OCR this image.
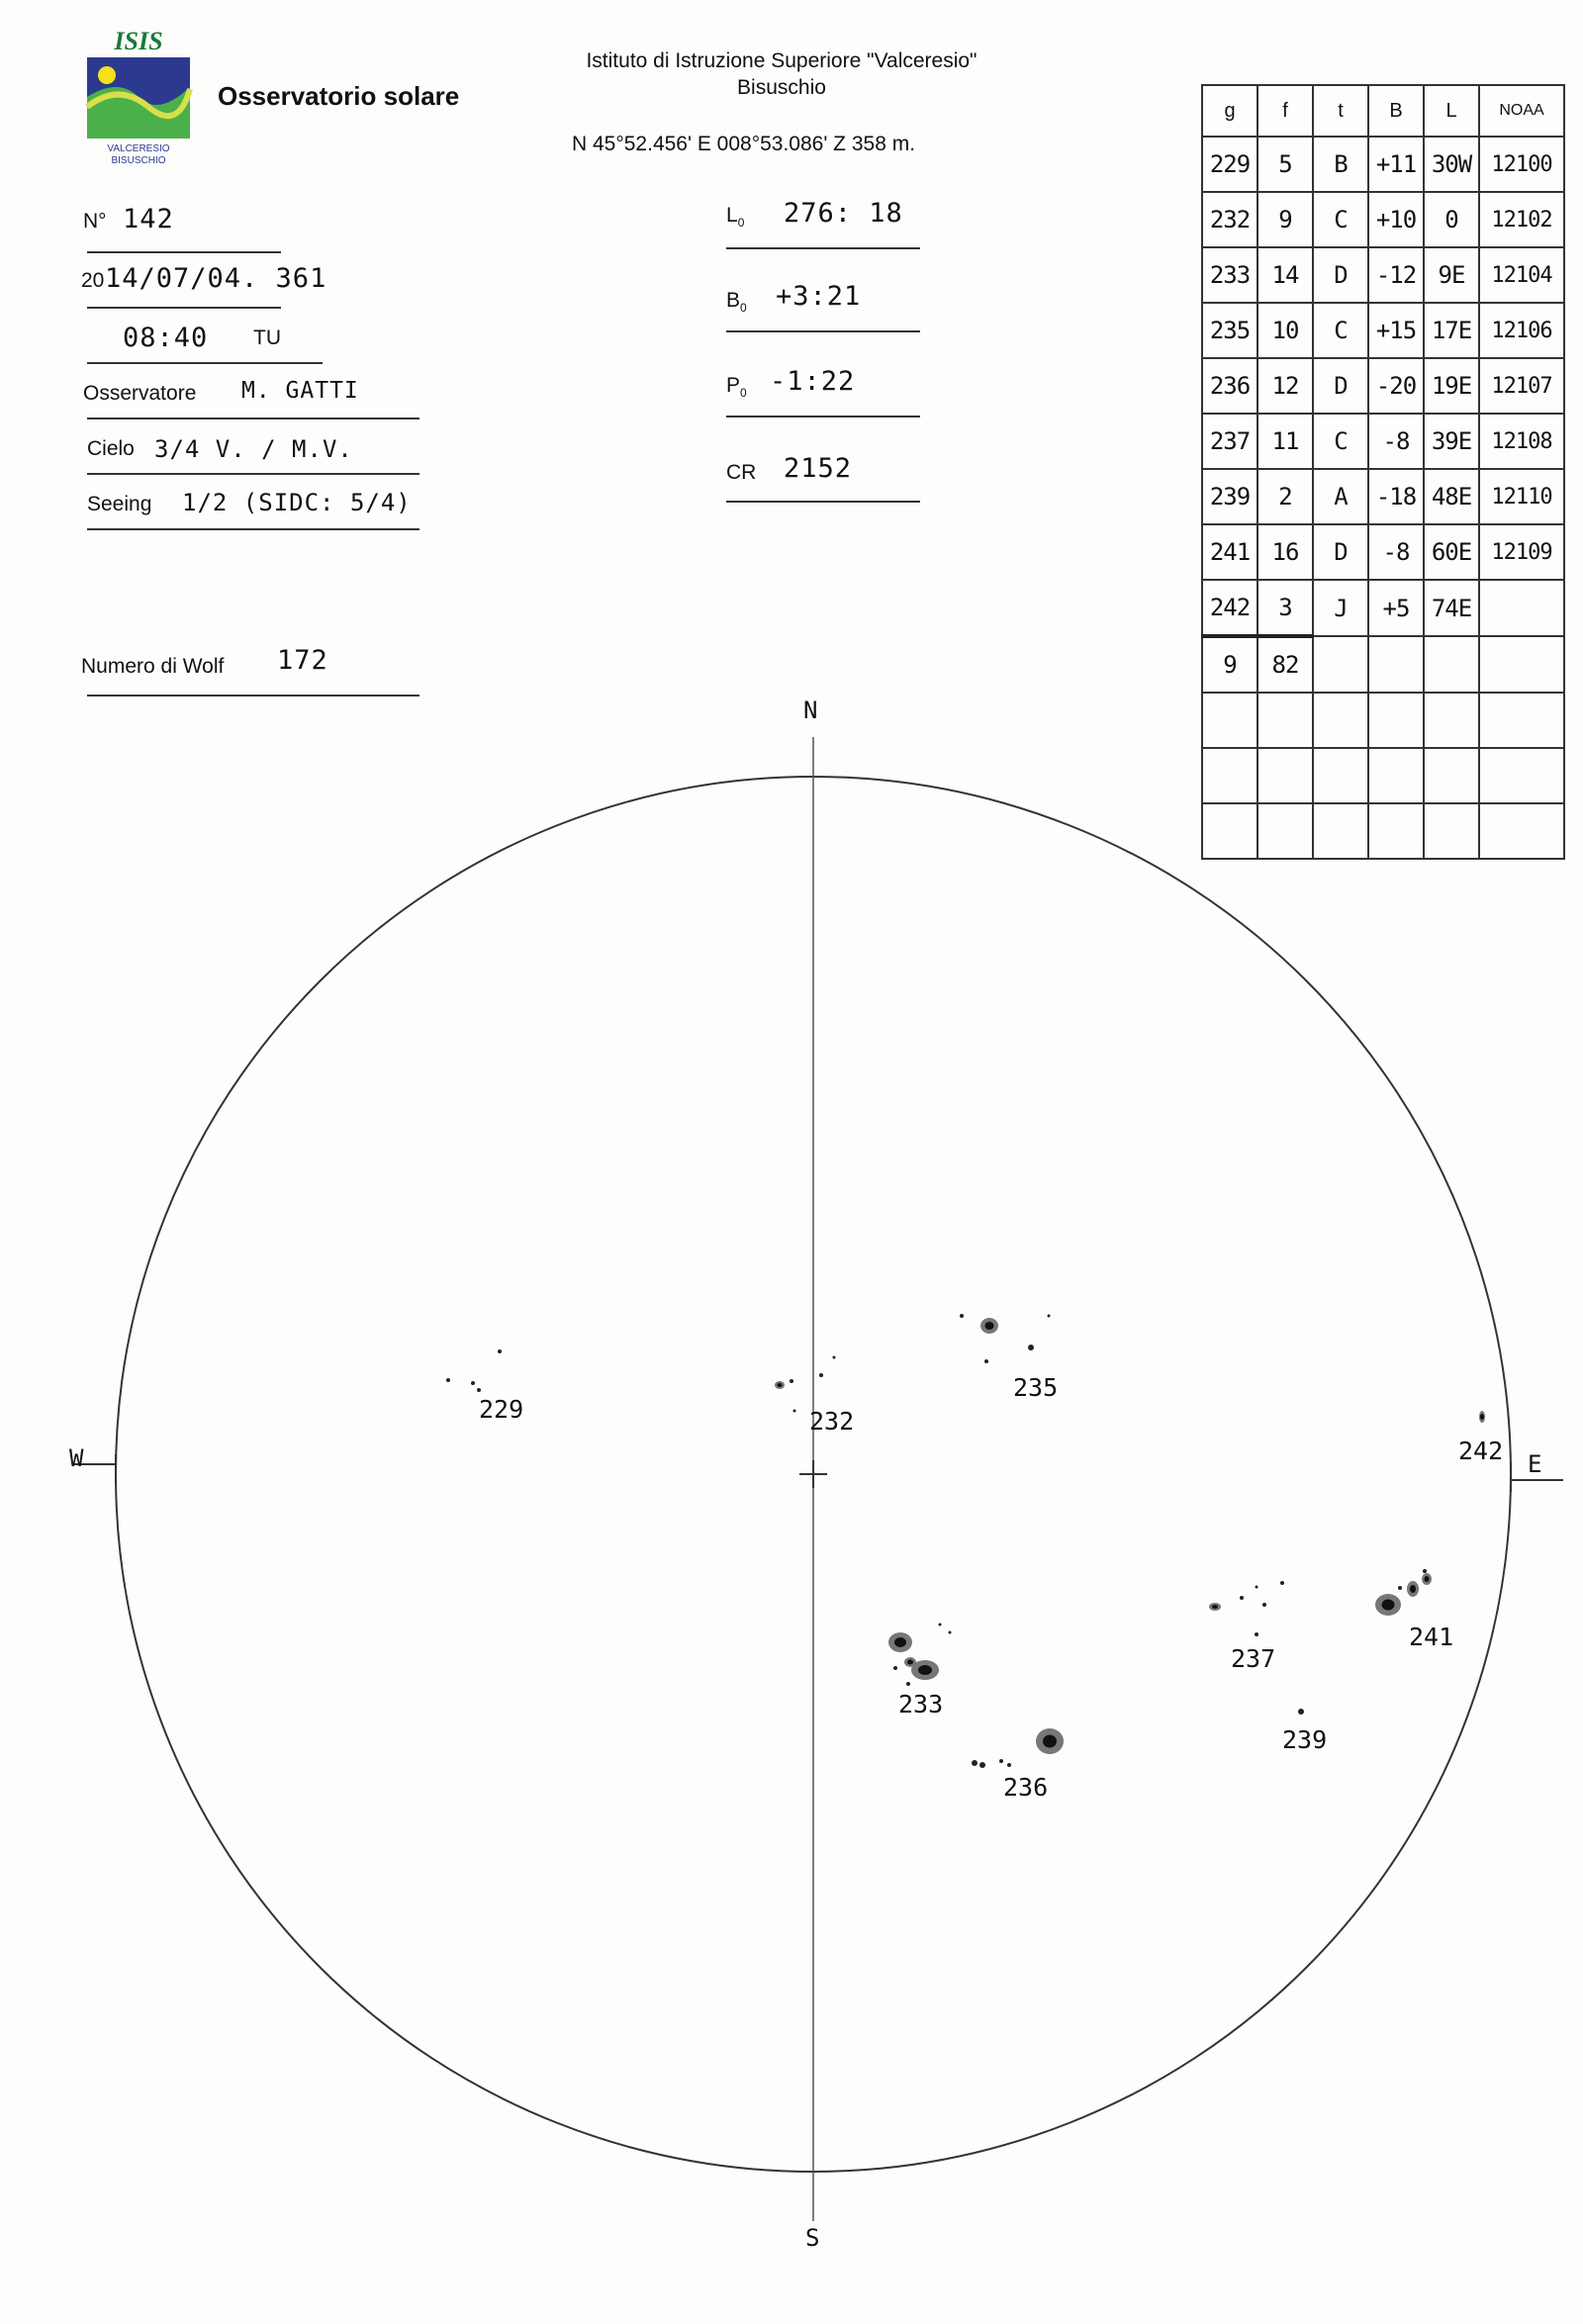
ISIS
VALCERESIO
BISUSCHIO
Osservatorio solare
Istituto di Istruzione Superiore "Valceresio"
Bisuschio
N 45°52.456' E 008°53.086' Z 358 m.
N° 142
20 14/07/04. 361
08:40 TU
Osservatore M. GATTI
Cielo 3/4 V. / M.V.
Seeing 1/2 (SIDC: 5/4)
Numero di Wolf 172
$L_0$ 276: 18
$B_0$ +3:21
$P_0$ -1:22
CR 2152
g	f	t	B	L	NOAA
229	5	B	+11	30W	12100
232	9	C	+10	0	12102
233	14	D	-12	9E	12104
235	10	C	+15	17E	12106
236	12	D	-20	19E	12107
237	11	C	-8	39E	12108
239	2	A	-18	48E	12110
241	16	D	-8	60E	12109
242	3	J	+5	74E	
9	82				

N
S
W	E
229	232
235
242
237
241
233
239
236
